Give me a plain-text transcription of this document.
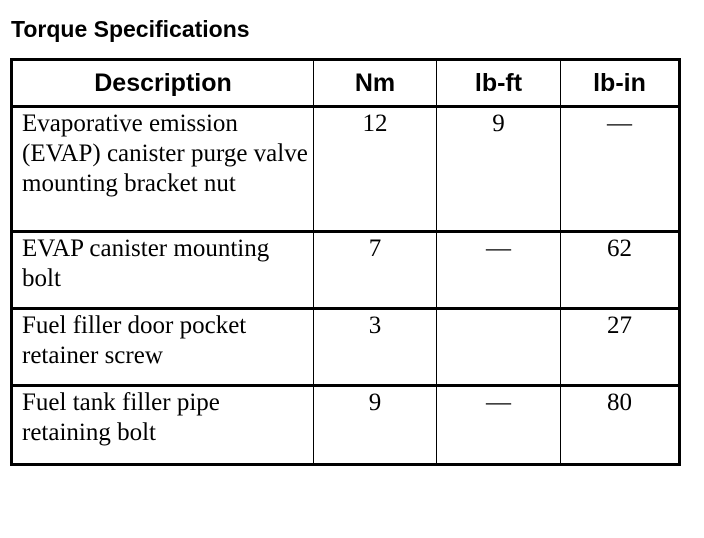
Torque Specifications
Description	Nm	lb-ft	lb-in
Evaporative emission (EVAP) canister purge valve mounting bracket nut	12	9	—
EVAP canister mounting bolt	7	—	62
Fuel filler door pocket retainer screw	3		27
Fuel tank filler pipe retaining bolt	9	—	80
